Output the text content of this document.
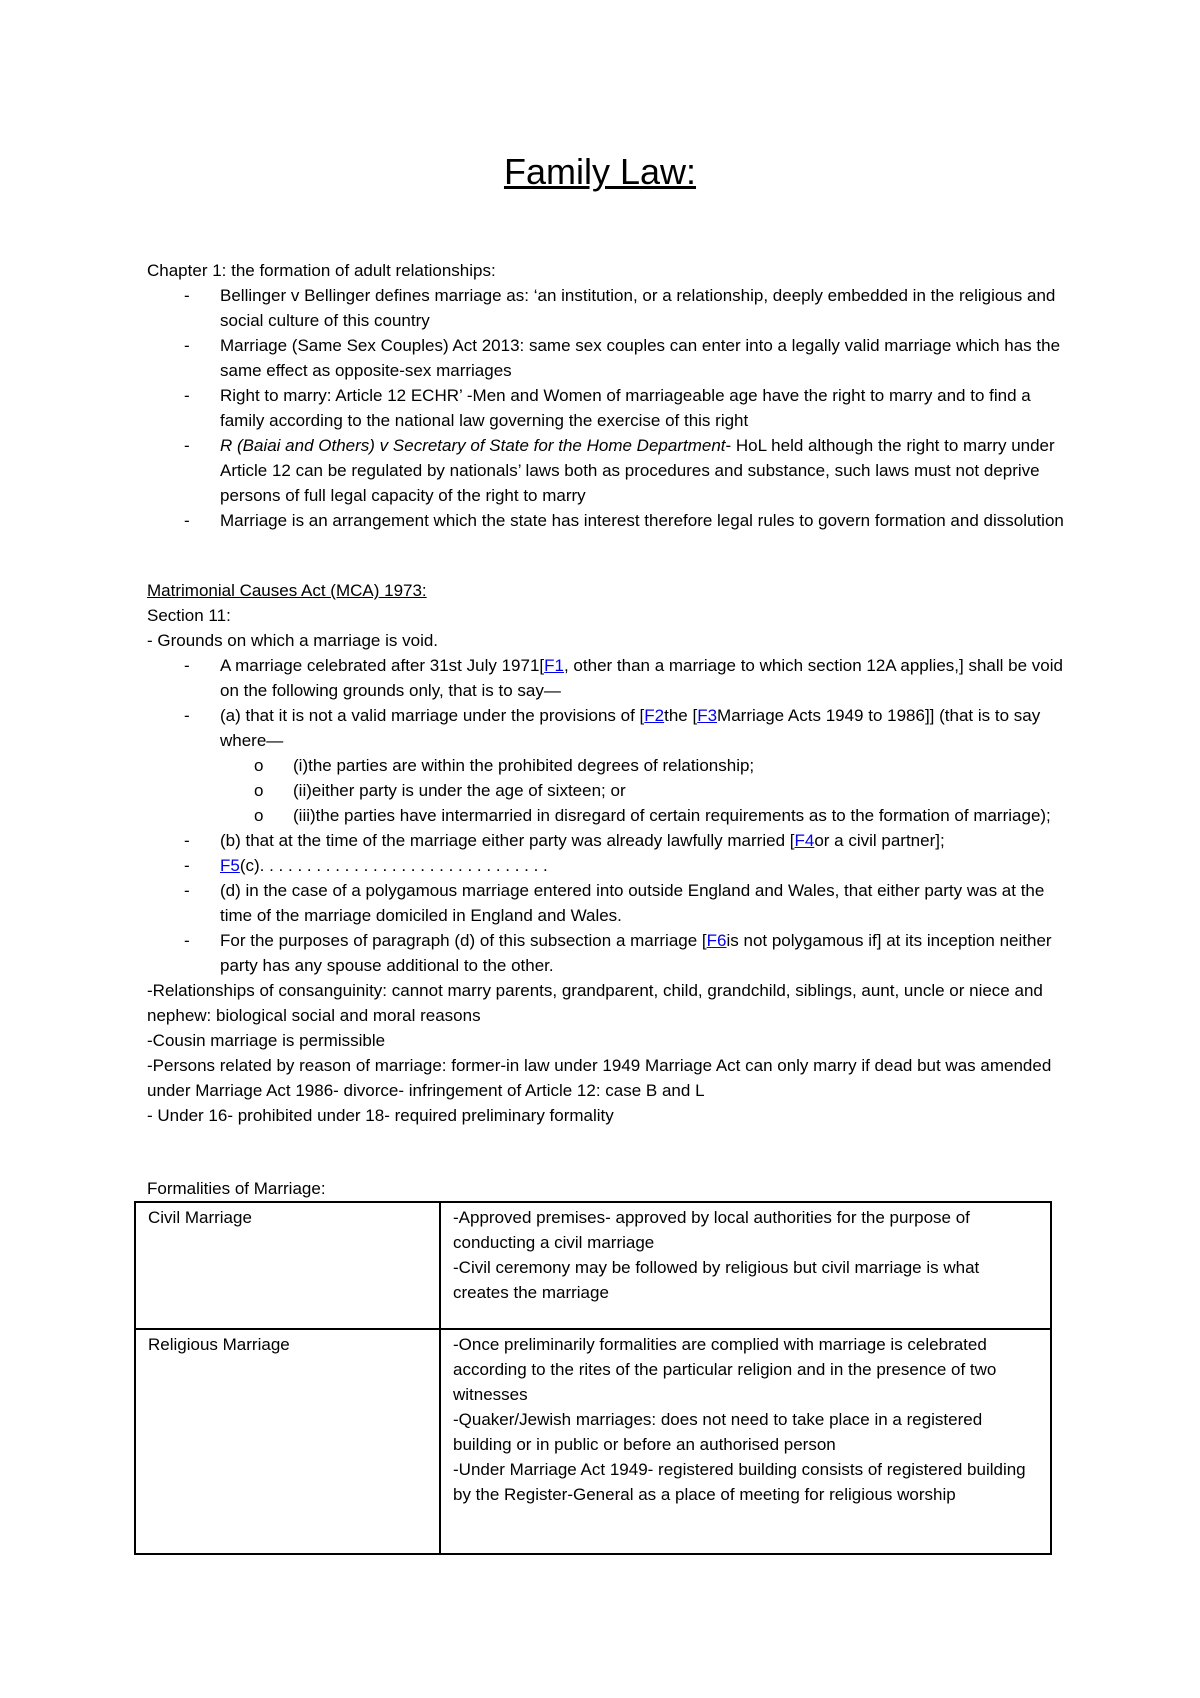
Family Law:

Chapter 1: the formation of adult relationships:

- Bellinger v Bellinger defines marriage as: ‘an institution, or a relationship, deeply embedded in the religious and social culture of this country
- Marriage (Same Sex Couples) Act 2013: same sex couples can enter into a legally valid marriage which has the same effect as opposite-sex marriages
- Right to marry: Article 12 ECHR’ -Men and Women of marriageable age have the right to marry and to find a family according to the national law governing the exercise of this right
- R (Baiai and Others) v Secretary of State for the Home Department- HoL held although the right to marry under Article 12 can be regulated by nationals’ laws both as procedures and substance, such laws must not deprive persons of full legal capacity of the right to marry
- Marriage is an arrangement which the state has interest therefore legal rules to govern formation and dissolution

Matrimonial Causes Act (MCA) 1973:

Section 11:

- Grounds on which a marriage is void.

- A marriage celebrated after 31st July 1971[F1, other than a marriage to which section 12A applies,] shall be void on the following grounds only, that is to say—
- (a) that it is not a valid marriage under the provisions of [F2the [F3Marriage Acts 1949 to 1986]] (that is to say where—
o (i)the parties are within the prohibited degrees of relationship;
o (ii)either party is under the age of sixteen; or
o (iii)the parties have intermarried in disregard of certain requirements as to the formation of marriage);
- (b) that at the time of the marriage either party was already lawfully married [F4or a civil partner];
- F5(c). . . . . . . . . . . . . . . . . . . . . . . . . . . . . . .
- (d) in the case of a polygamous marriage entered into outside England and Wales, that either party was at the time of the marriage domiciled in England and Wales.
- For the purposes of paragraph (d) of this subsection a marriage [F6is not polygamous if] at its inception neither party has any spouse additional to the other.

-Relationships of consanguinity: cannot marry parents, grandparent, child, grandchild, siblings, aunt, uncle or niece and nephew: biological social and moral reasons

-Cousin marriage is permissible

-Persons related by reason of marriage: former-in law under 1949 Marriage Act can only marry if dead but was amended under Marriage Act 1986- divorce- infringement of Article 12: case B and L

- Under 16- prohibited under 18- required preliminary formality

Formalities of Marriage:
Civil Marriage	-Approved premises- approved by local authorities for the purpose of conducting a civil marriage
-Civil ceremony may be followed by religious but civil marriage is what creates the marriage

Religious Marriage	-Once preliminarily formalities are complied with marriage is celebrated according to the rites of the particular religion and in the presence of two witnesses
-Quaker/Jewish marriages: does not need to take place in a registered building or in public or before an authorised person
-Under Marriage Act 1949- registered building consists of registered building by the Register-General as a place of meeting for religious worship
